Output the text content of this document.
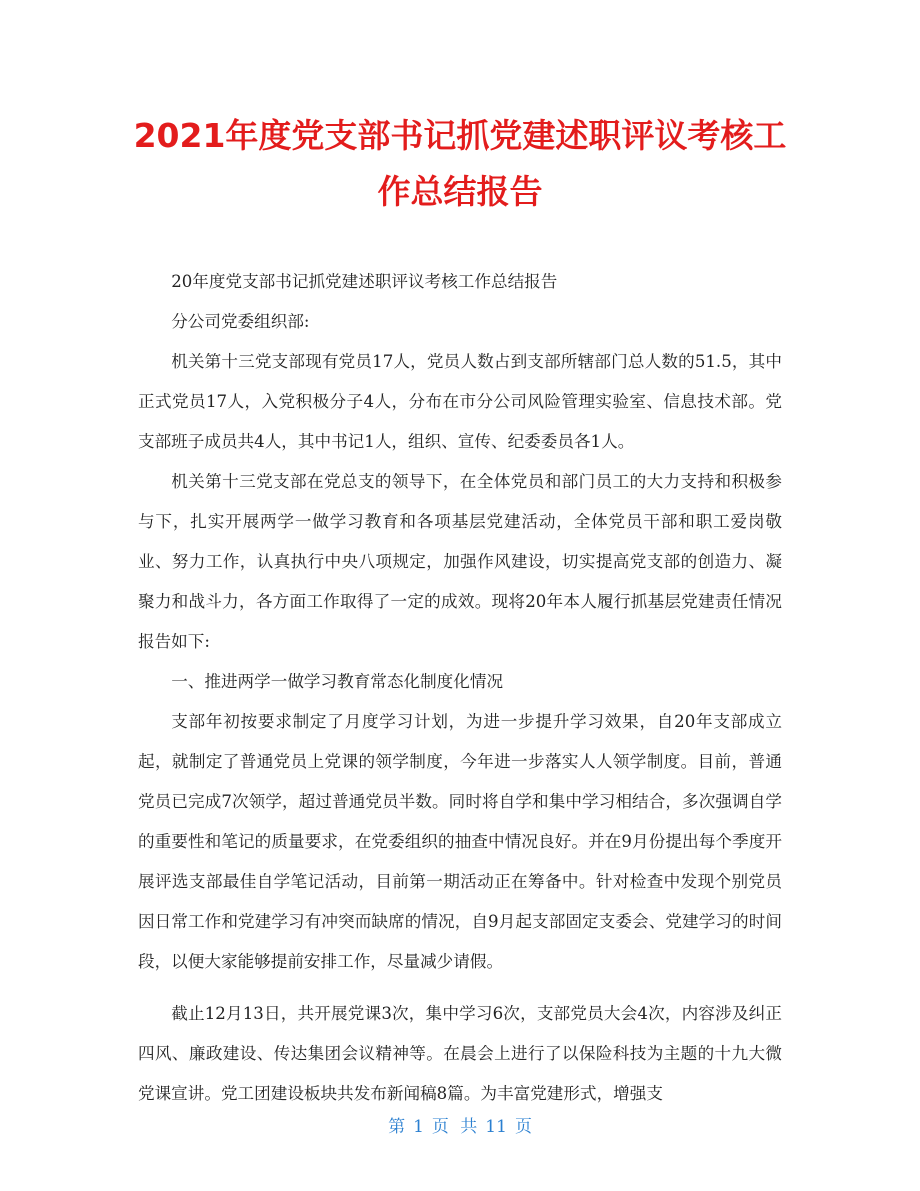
2021年度党支部书记抓党建述职评议考核工作总结报告

20年度党支部书记抓党建述职评议考核工作总结报告

分公司党委组织部:

机关第十三党支部现有党员17人，党员人数占到支部所辖部门总人数的51.5，其中正式党员17人，入党积极分子4人，分布在市分公司风险管理实验室、信息技术部。党支部班子成员共4人，其中书记1人，组织、宣传、纪委委员各1人。

机关第十三党支部在党总支的领导下，在全体党员和部门员工的大力支持和积极参与下，扎实开展两学一做学习教育和各项基层党建活动，全体党员干部和职工爱岗敬业、努力工作，认真执行中央八项规定，加强作风建设，切实提高党支部的创造力、凝聚力和战斗力，各方面工作取得了一定的成效。现将20年本人履行抓基层党建责任情况报告如下:

一、推进两学一做学习教育常态化制度化情况

支部年初按要求制定了月度学习计划，为进一步提升学习效果，自20年支部成立起，就制定了普通党员上党课的领学制度，今年进一步落实人人领学制度。目前，普通党员已完成7次领学，超过普通党员半数。同时将自学和集中学习相结合，多次强调自学的重要性和笔记的质量要求，在党委组织的抽查中情况良好。并在9月份提出每个季度开展评选支部最佳自学笔记活动，目前第一期活动正在筹备中。针对检查中发现个别党员因日常工作和党建学习有冲突而缺席的情况，自9月起支部固定支委会、党建学习的时间段，以便大家能够提前安排工作，尽量减少请假。

截止12月13日，共开展党课3次，集中学习6次，支部党员大会4次，内容涉及纠正四风、廉政建设、传达集团会议精神等。在晨会上进行了以保险科技为主题的十九大微党课宣讲。党工团建设板块共发布新闻稿8篇。为丰富党建形式，增强支

第 1 页 共 11 页
